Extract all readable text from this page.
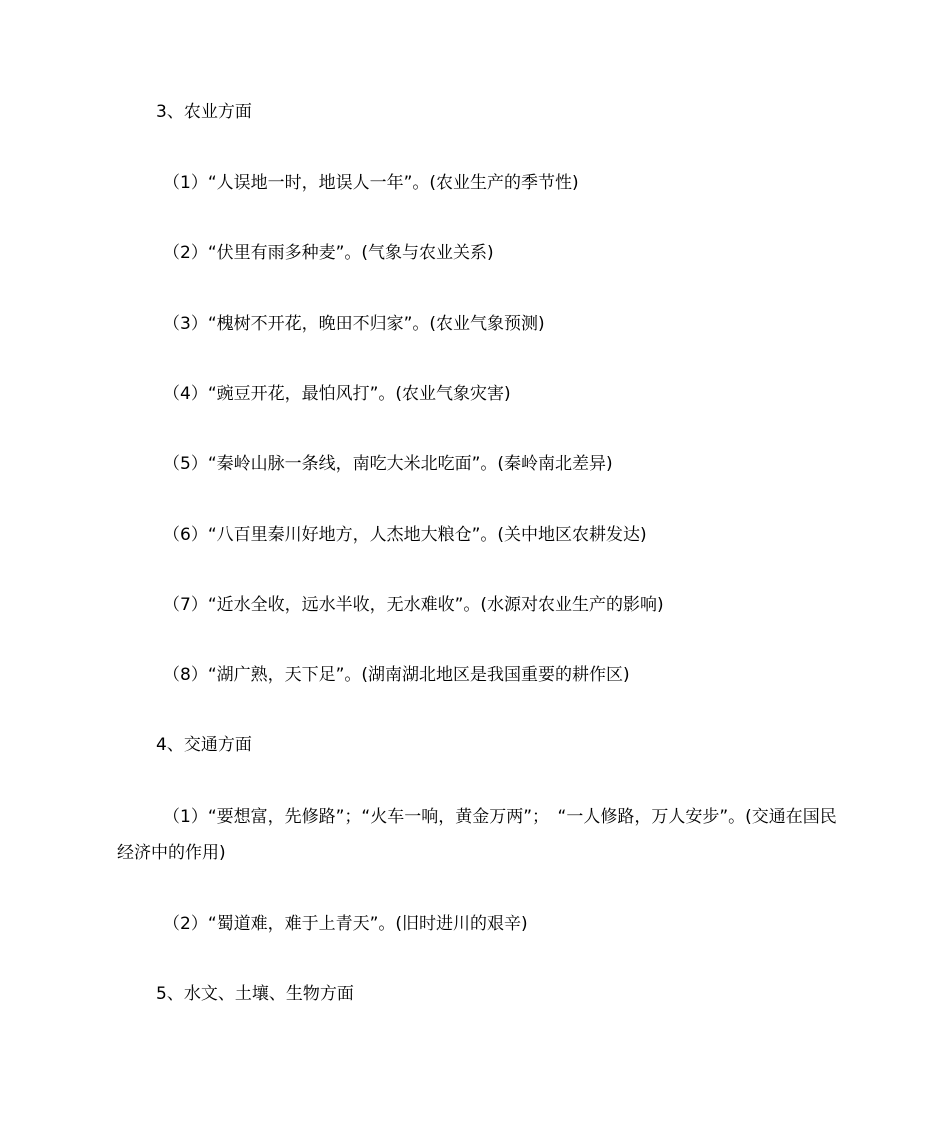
3、农业方面
（1）“人误地一时，地误人一年”。(农业生产的季节性)
（2）“伏里有雨多种麦”。(气象与农业关系)
（3）“槐树不开花，晚田不归家”。(农业气象预测)
（4）“豌豆开花，最怕风打”。(农业气象灾害)
（5）“秦岭山脉一条线，南吃大米北吃面”。(秦岭南北差异)
（6）“八百里秦川好地方，人杰地大粮仓”。(关中地区农耕发达)
（7）“近水全收，远水半收，无水难收”。(水源对农业生产的影响)
（8）“湖广熟，天下足”。(湖南湖北地区是我国重要的耕作区)
4、交通方面
（1）“要想富，先修路”；“火车一响，黄金万两”；　“一人修路，万人安步”。(交通在国民经济中的作用)
（2）“蜀道难，难于上青天”。(旧时进川的艰辛)
5、水文、土壤、生物方面
